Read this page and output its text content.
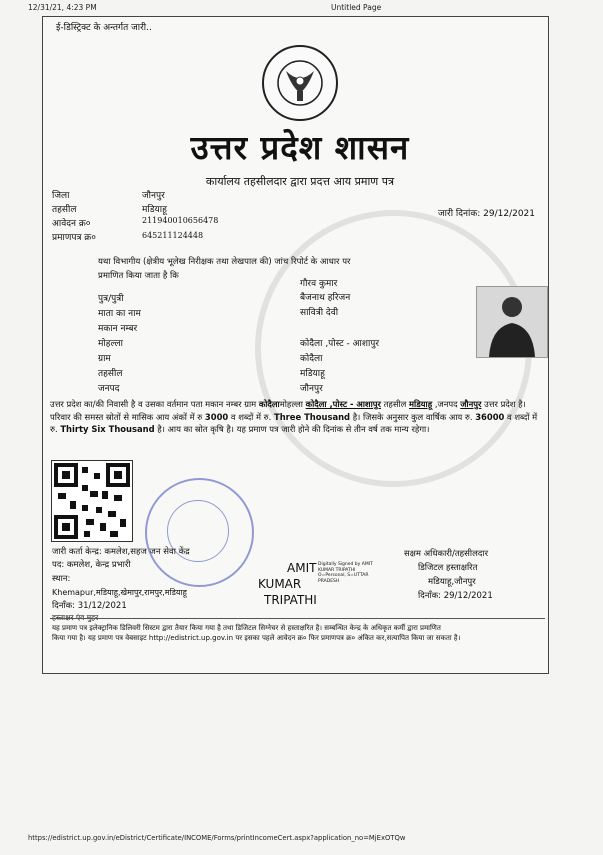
12/31/21, 4:23 PM	Untitled Page
ई-डिस्ट्रिक्ट के अन्तर्गत जारी..
उत्तर प्रदेश शासन
कार्यालय तहसीलदार द्वारा प्रदत्त आय प्रमाण पत्र
जिला	जौनपुर
तहसील	मडियाहू
आवेदन क्र०	211940010656478
प्रमाणपत्र क्र०	645211124448
जारी दिनांक: 29/12/2021
यथा विभागीय (क्षेत्रीय भूलेख निरीक्षक तथा लेखपाल की) जांच रिपोर्ट के आधार पर
प्रमाणित किया जाता है कि
गौरव कुमार
पुत्र/पुत्री	बैजनाथ हरिजन
माता का नाम	सावित्री देवी
मकान नम्बर
मोहल्ला	कोदैला ,पोस्ट - आशापुर
ग्राम	कोदैला
तहसील	मडियाहू
जनपद	जौनपुर
उत्तर प्रदेश का/की निवासी है व उसका वर्तमान पता मकान नम्बर ग्राम कोदैलामोहल्ला कोदैला ,पोस्ट - आशापुर तहसील मडियाहू ,जनपद जौनपुर उत्तर प्रदेश है। परिवार की समस्त स्रोतों से मासिक आय अंकों में रु 3000 व शब्दों में रु. Three Thousand है। जिसके अनुसार कुल वार्षिक आय रु. 36000 व शब्दों में रु. Thirty Six Thousand है। आय का स्रोत कृषि है। यह प्रमाण पत्र जारी होने की दिनांक से तीन वर्ष तक मान्य रहेगा।
जारी कर्ता केन्द्र: कमलेश,सहज जन सेवा केंद्र
पद: कमलेश, केन्द्र प्रभारी
स्थान:
Khemapur,मडियाहू,खेमापुर,रामपुर,मडियाहू
दिनाँक: 31/12/2021
हस्ताक्षर एंव मुहर
AMIT
KUMAR
TRIPATHI
Digitally Signed by AMIT
KUMAR TRIPATHI
O=Personal, S=UTTAR
PRADESH
सक्षम अधिकारी/तहसीलदार
डिजिटल हस्ताक्षरित
मडियाहू,जौनपुर
दिनाँक: 29/12/2021
यह प्रमाण पत्र इलेक्ट्रानिक डिलिवरी सिस्टम द्वारा तैयार किया गया है तथा डिजिटल सिग्नेचर से हस्ताक्षरित है। सम्बन्धित केन्द्र के अधिकृत कर्मी द्वारा प्रमाणित
किया गया है। यह प्रमाण पत्र वेबसाइट http://edistrict.up.gov.in पर इसका पहले आवेदन क्र० फिर प्रमाणपत्र क्र० अंकित कर,सत्यापित किया जा सकता है।
https://edistrict.up.gov.in/eDistrict/Certificate/INCOME/Forms/printIncomeCert.aspx?application_no=MjExOTQw
